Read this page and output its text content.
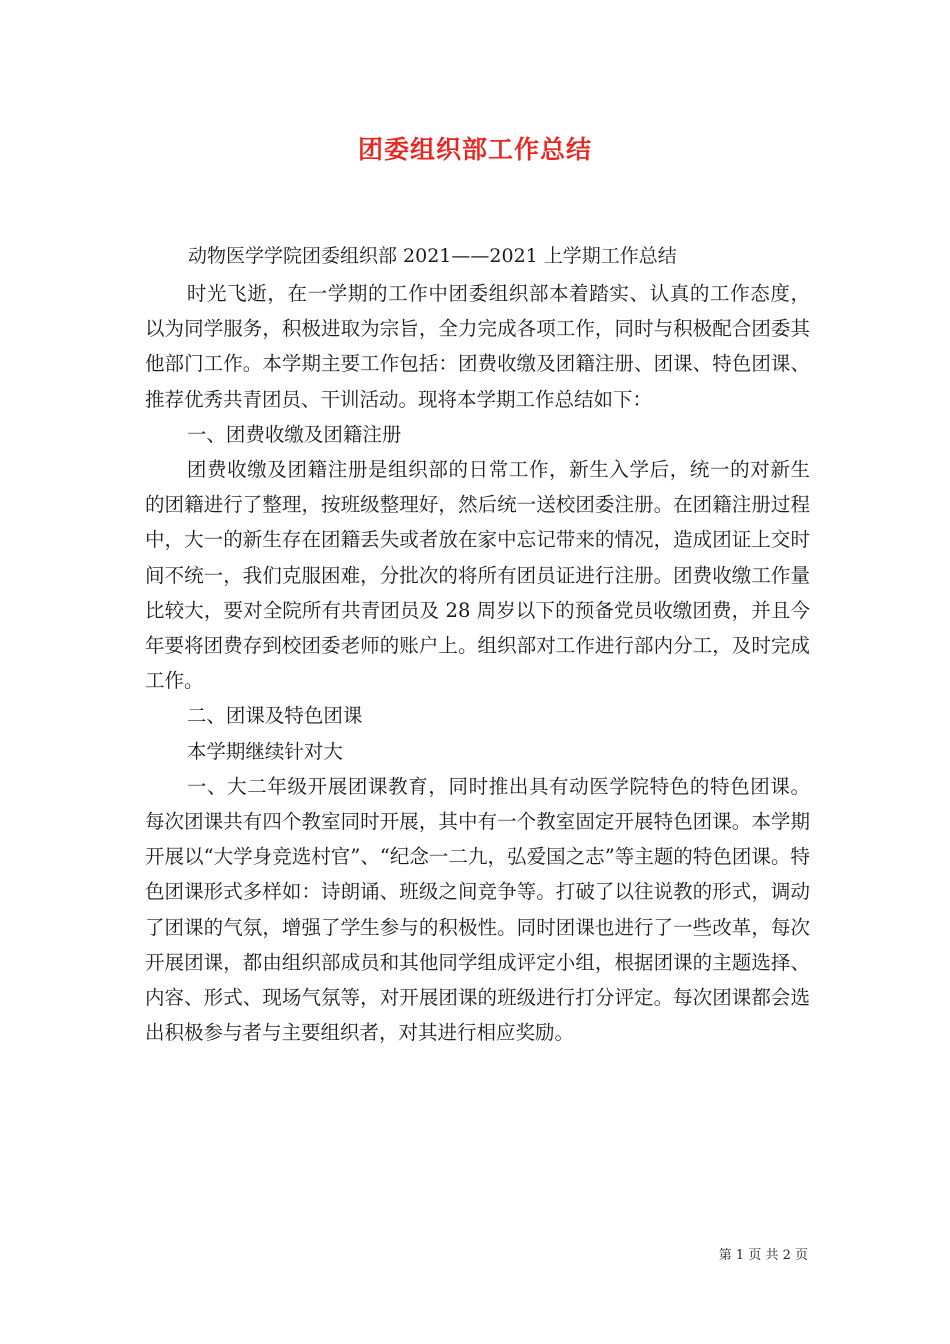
团委组织部工作总结

动物医学学院团委组织部 2021——2021 上学期工作总结

时光飞逝，在一学期的工作中团委组织部本着踏实、认真的工作态度，以为同学服务，积极进取为宗旨，全力完成各项工作，同时与积极配合团委其他部门工作。本学期主要工作包括：团费收缴及团籍注册、团课、特色团课、推荐优秀共青团员、干训活动。现将本学期工作总结如下：

一、团费收缴及团籍注册

团费收缴及团籍注册是组织部的日常工作，新生入学后，统一的对新生的团籍进行了整理，按班级整理好，然后统一送校团委注册。在团籍注册过程中，大一的新生存在团籍丢失或者放在家中忘记带来的情况，造成团证上交时间不统一，我们克服困难，分批次的将所有团员证进行注册。团费收缴工作量比较大，要对全院所有共青团员及 28 周岁以下的预备党员收缴团费，并且今年要将团费存到校团委老师的账户上。组织部对工作进行部内分工，及时完成工作。

二、团课及特色团课

本学期继续针对大

一、大二年级开展团课教育，同时推出具有动医学院特色的特色团课。每次团课共有四个教室同时开展，其中有一个教室固定开展特色团课。本学期开展以“大学身竞选村官”、“纪念一二九，弘爱国之志”等主题的特色团课。特色团课形式多样如：诗朗诵、班级之间竞争等。打破了以往说教的形式，调动了团课的气氛，增强了学生参与的积极性。同时团课也进行了一些改革，每次开展团课，都由组织部成员和其他同学组成评定小组，根据团课的主题选择、内容、形式、现场气氛等，对开展团课的班级进行打分评定。每次团课都会选出积极参与者与主要组织者，对其进行相应奖励。

第 1 页 共 2 页
